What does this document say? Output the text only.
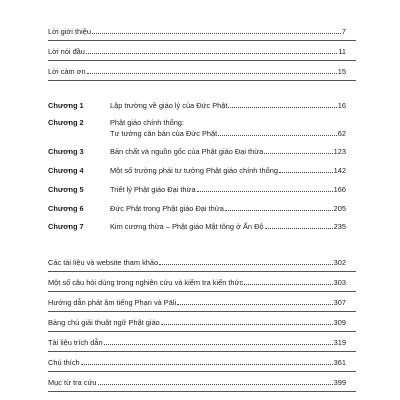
Lời giới thiệu	7
Lời nói đầu	11
Lời cảm ơn	15
Chương 1	Lập trường về giáo lý của Đức Phật	16
Chương 2	Phật giáo chính thống:
Tư tưởng căn bản của Đức Phật	62
Chương 3	Bản chất và nguồn gốc của Phật giáo Đại thừa	123
Chương 4	Một số trường phái tư tưởng Phật giáo chính thống	142
Chương 5	Triết lý Phật giáo Đại thừa	166
Chương 6	Đức Phật trong Phật giáo Đại thừa	205
Chương 7	Kim cương thừa – Phật giáo Mật tông ở Ấn Độ	235
Các tài liệu và website tham khảo	302
Một số câu hỏi dùng trong nghiên cứu và kiểm tra kiến thức	303
Hướng dẫn phát âm tiếng Phạn và Pāli	307
Bảng chú giải thuật ngữ Phật giáo	309
Tài liệu trích dẫn	319
Chú thích	361
Mục từ tra cứu	399
